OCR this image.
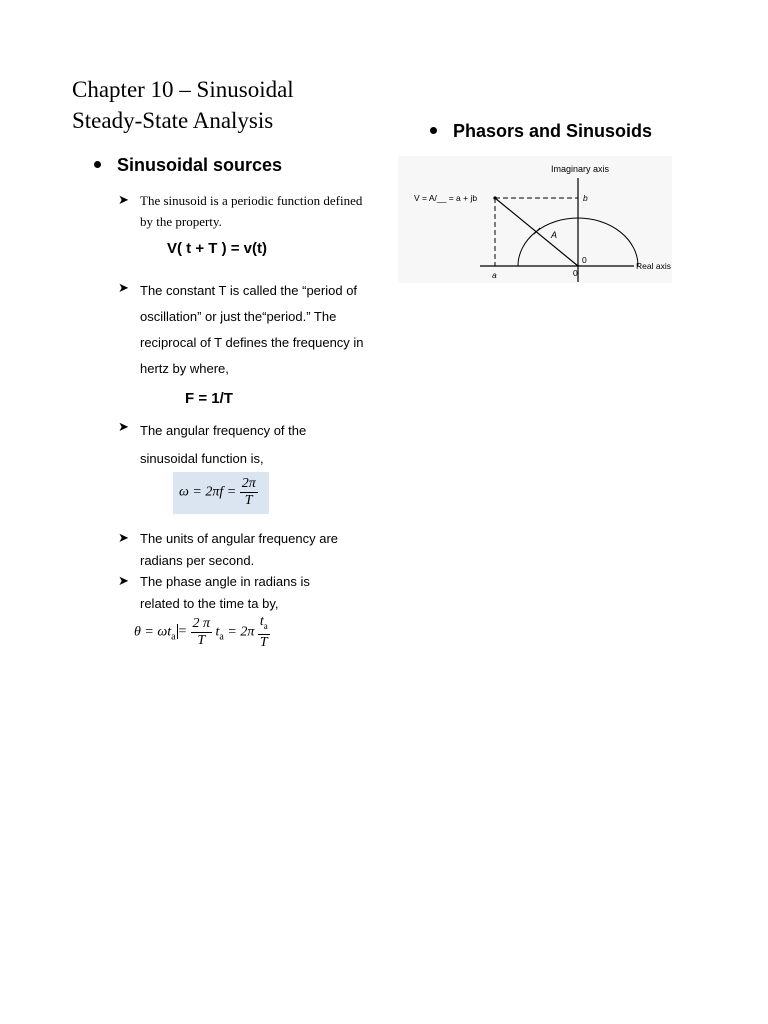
Chapter 10 – Sinusoidal
Steady-State Analysis
Sinusoidal sources
➤ The sinusoid is a periodic function defined
by the property.
V( t + T ) = v(t)
➤ The constant T is called the “period of
oscillation” or just the“period.” The
reciprocal of T defines the frequency in
hertz by where,
F = 1/T
➤ The angular frequency of the
sinusoidal function is,
$\omega = 2\pi f = \frac{2\pi}{T}$
➤ The units of angular frequency are
radians per second.
➤ The phase angle in radians is
related to the time ta by,
$\theta = \omega t_a = \frac{2 \pi}{T} t_a = 2\pi \frac{t_a}{T}$
Phasors and Sinusoids
Imaginary axis
Real axis
V = A/__ = a + jb	b
a	0
0
A
